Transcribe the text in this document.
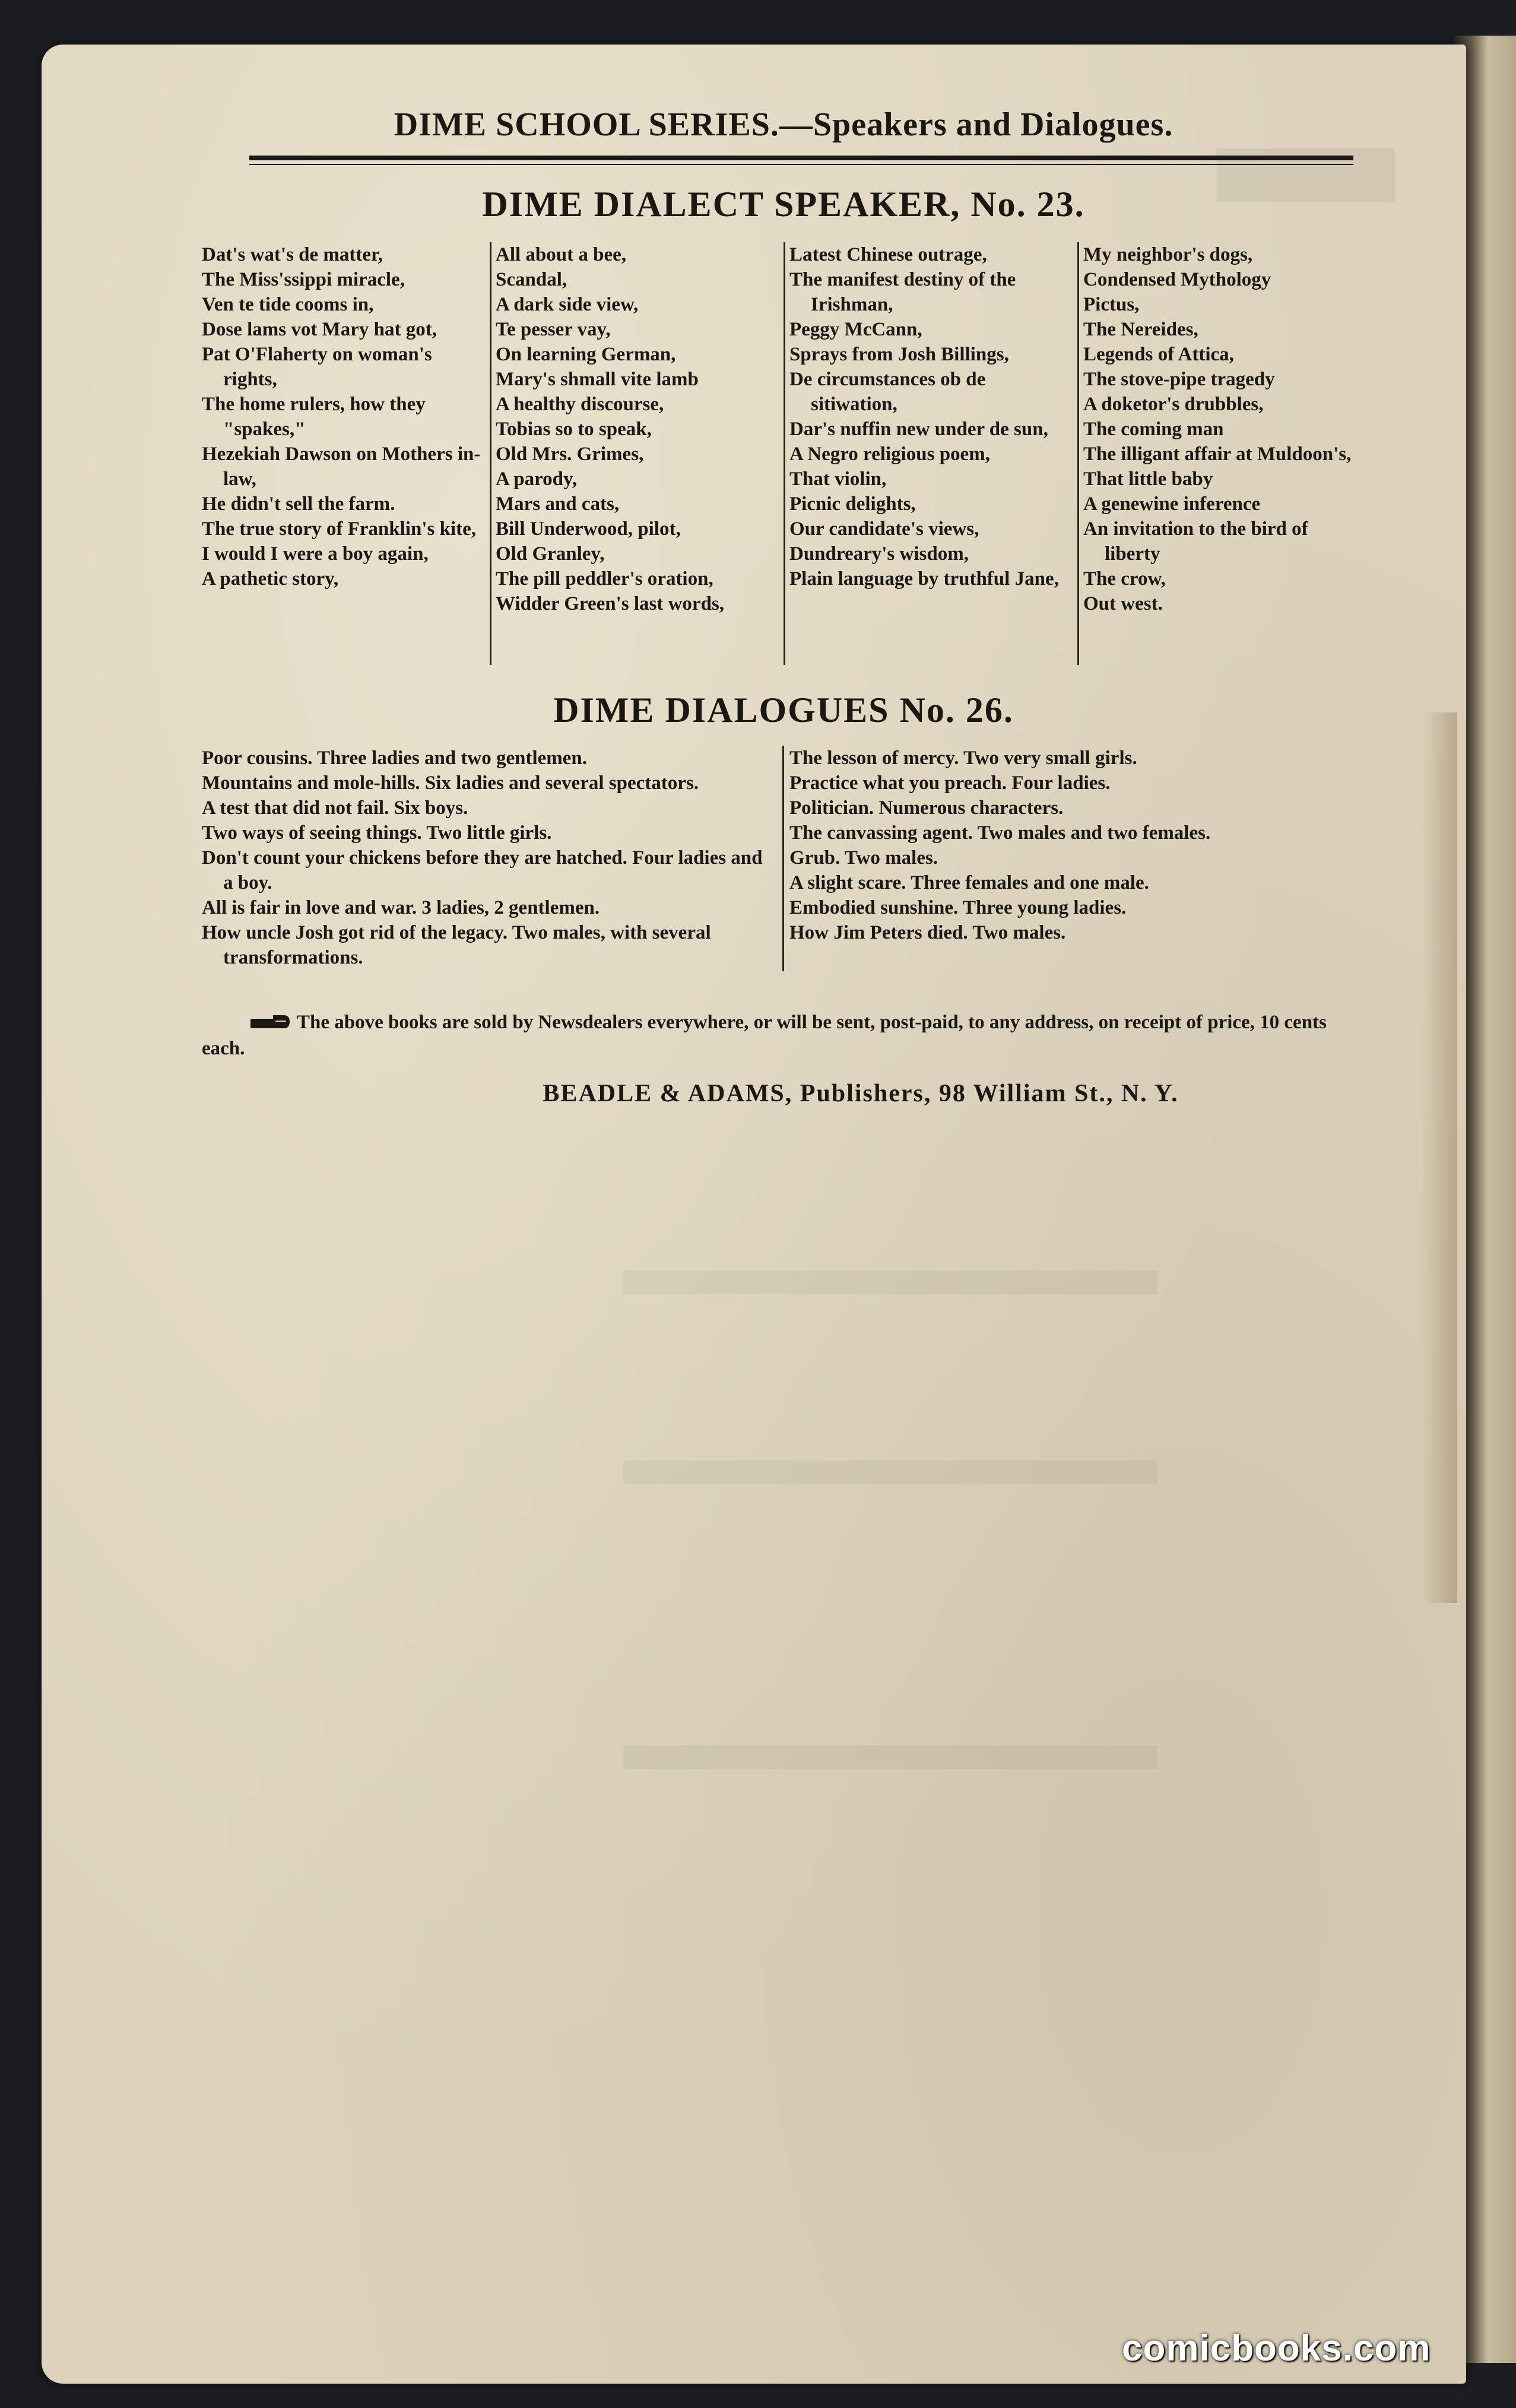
DIME SCHOOL SERIES.—Speakers and Dialogues.
DIME DIALECT SPEAKER, No. 23.
Dat's wat's de matter,
The Miss'ssippi miracle,
Ven te tide cooms in,
Dose lams vot Mary hat got,
Pat O'Flaherty on woman's rights,
The home rulers, how they "spakes,"
Hezekiah Dawson on Mothers in-law,
He didn't sell the farm.
The true story of Franklin's kite,
I would I were a boy again,
A pathetic story,
All about a bee,
Scandal,
A dark side view,
Te pesser vay,
On learning German,
Mary's shmall vite lamb
A healthy discourse,
Tobias so to speak,
Old Mrs. Grimes,
A parody,
Mars and cats,
Bill Underwood, pilot,
Old Granley,
The pill peddler's oration,
Widder Green's last words,
Latest Chinese outrage,
The manifest destiny of the Irishman,
Peggy McCann,
Sprays from Josh Billings,
De circumstances ob de sitiwation,
Dar's nuffin new under de sun,
A Negro religious poem,
That violin,
Picnic delights,
Our candidate's views,
Dundreary's wisdom,
Plain language by truthful Jane,
My neighbor's dogs,
Condensed Mythology
Pictus,
The Nereides,
Legends of Attica,
The stove-pipe tragedy
A doketor's drubbles,
The coming man
The illigant affair at Muldoon's,
That little baby
A genewine inference
An invitation to the bird of liberty
The crow,
Out west.
DIME DIALOGUES No. 26.
Poor cousins. Three ladies and two gentlemen.
Mountains and mole-hills. Six ladies and several spectators.
A test that did not fail. Six boys.
Two ways of seeing things. Two little girls.
Don't count your chickens before they are hatched. Four ladies and a boy.
All is fair in love and war. 3 ladies, 2 gentlemen.
How uncle Josh got rid of the legacy. Two males, with several transformations.
The lesson of mercy. Two very small girls.
Practice what you preach. Four ladies.
Politician. Numerous characters.
The canvassing agent. Two males and two females.
Grub. Two males.
A slight scare. Three females and one male.
Embodied sunshine. Three young ladies.
How Jim Peters died. Two males.
The above books are sold by Newsdealers everywhere, or will be sent, post-paid, to any address, on receipt of price, 10 cents each.
BEADLE & ADAMS, Publishers, 98 William St., N. Y.
comicbooks.com
